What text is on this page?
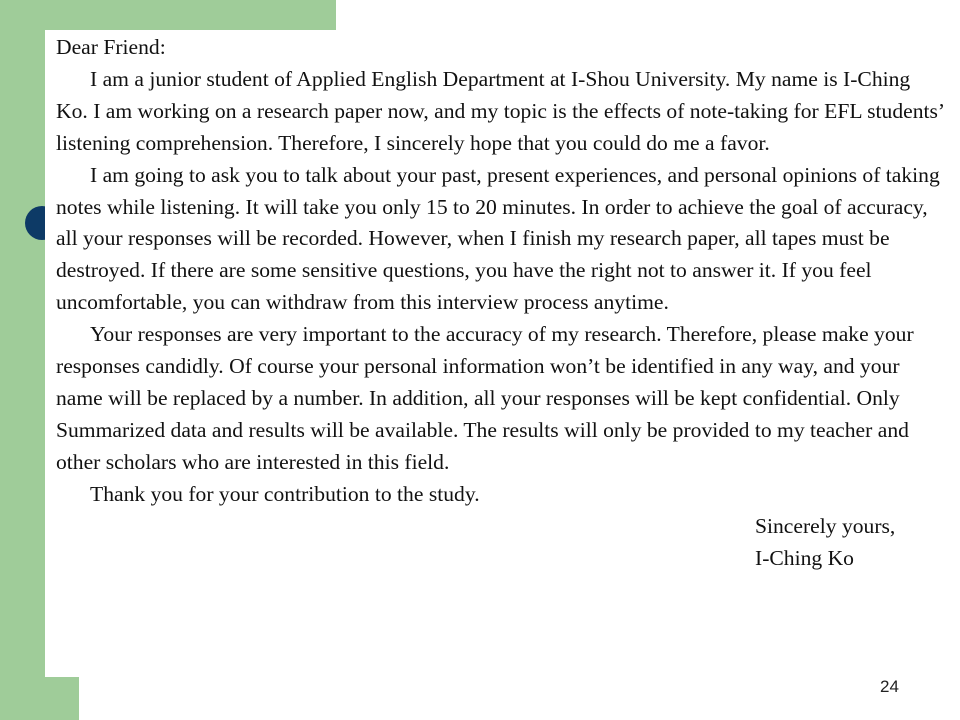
Dear Friend:

I am a junior student of Applied English Department at I-Shou University. My name is I-Ching Ko. I am working on a research paper now, and my topic is the effects of note-taking for EFL students’ listening comprehension. Therefore, I sincerely hope that you could do me a favor.

I am going to ask you to talk about your past, present experiences, and personal opinions of taking notes while listening. It will take you only 15 to 20 minutes. In order to achieve the goal of accuracy, all your responses will be recorded. However, when I finish my research paper, all tapes must be destroyed. If there are some sensitive questions, you have the right not to answer it. If you feel uncomfortable, you can withdraw from this interview process anytime.

Your responses are very important to the accuracy of my research. Therefore, please make your responses candidly. Of course your personal information won’t be identified in any way, and your name will be replaced by a number. In addition, all your responses will be kept confidential. Only Summarized data and results will be available. The results will only be provided to my teacher and other scholars who are interested in this field.

Thank you for your contribution to the study.

Sincerely yours,

I-Ching Ko

24
